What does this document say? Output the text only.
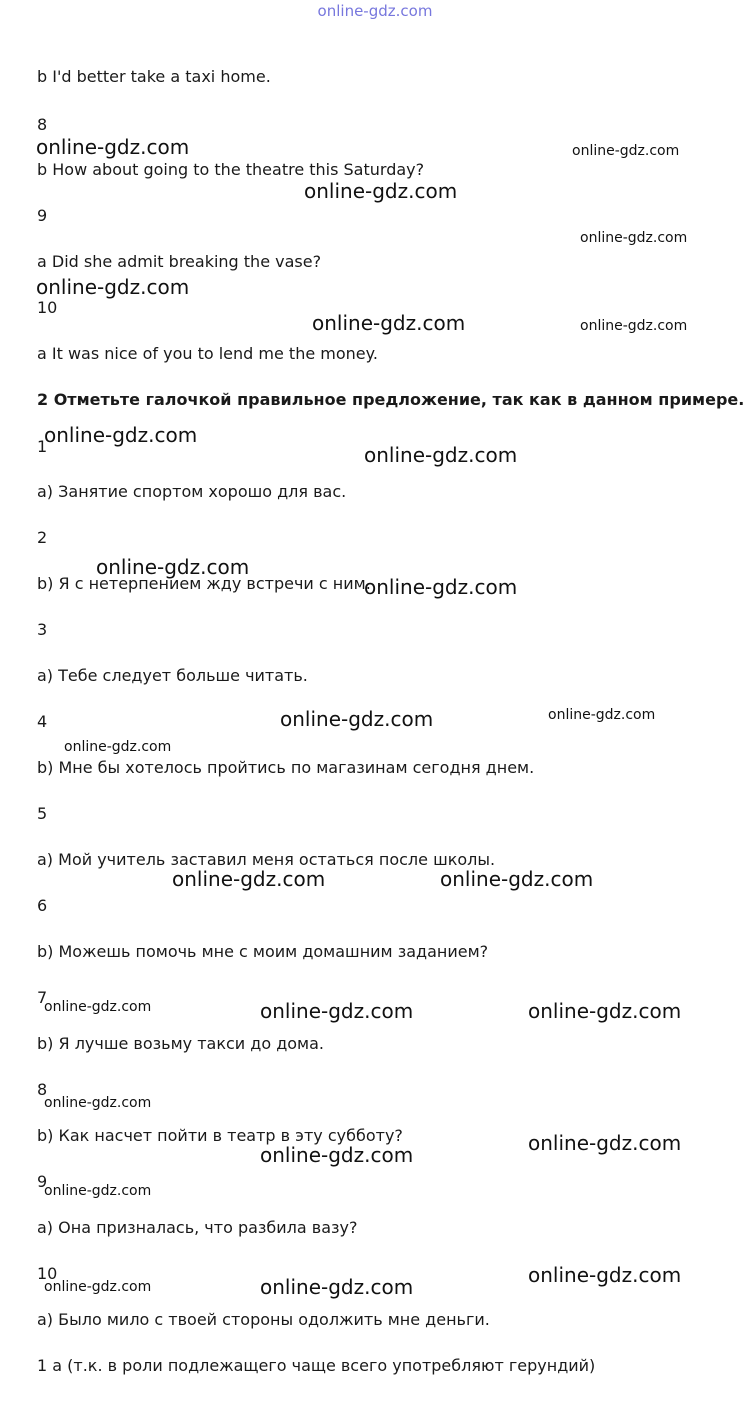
online-gdz.com
b I'd better take a taxi home.
8
b How about going to the theatre this Saturday?
9
a Did she admit breaking the vase?
10
a It was nice of you to lend me the money.
2 Отметьте галочкой правильное предложение, так как в данном примере.
1
a) Занятие спортом хорошо для вас.
2
b) Я с нетерпением жду встречи с ним.
3
a) Тебе следует больше читать.
4
b) Мне бы хотелось пройтись по магазинам сегодня днем.
5
a) Мой учитель заставил меня остаться после школы.
6
b) Можешь помочь мне с моим домашним заданием?
7
b) Я лучше возьму такси до дома.
8
b) Как насчет пойти в театр в эту субботу?
9
a) Она призналась, что разбила вазу?
10
a) Было мило с твоей стороны одолжить мне деньги.
1 a (т.к. в роли подлежащего чаще всего употребляют герундий)
online-gdz.com	online-gdz.com
online-gdz.com
online-gdz.com
online-gdz.com
online-gdz.com	online-gdz.com
online-gdz.com
online-gdz.com
online-gdz.com
online-gdz.com
online-gdz.com	online-gdz.com
online-gdz.com
online-gdz.com	online-gdz.com
online-gdz.com	online-gdz.com	online-gdz.com
online-gdz.com
online-gdz.com
online-gdz.com
online-gdz.com
online-gdz.com
online-gdz.com	online-gdz.com
